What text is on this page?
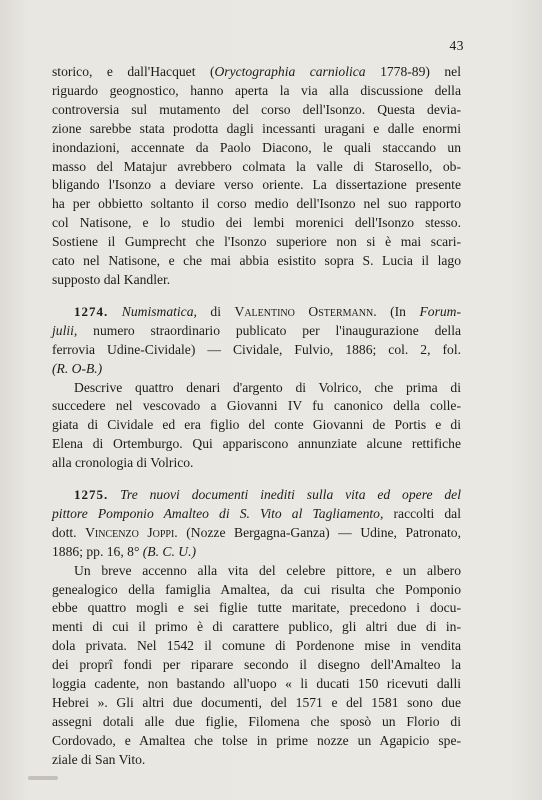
43

storico, e dall'Hacquet (Oryctographia carniolica 1778-89) nel
riguardo geognostico, hanno aperta la via alla discussione della
controversia sul mutamento del corso dell'Isonzo. Questa devia-
zione sarebbe stata prodotta dagli incessanti uragani e dalle enormi
inondazioni, accennate da Paolo Diacono, le quali staccando un
masso del Matajur avrebbero colmata la valle di Starosello, ob-
bligando l'Isonzo a deviare verso oriente. La dissertazione presente
ha per obbietto soltanto il corso medio dell'Isonzo nel suo rapporto
col Natisone, e lo studio dei lembi morenici dell'Isonzo stesso.
Sostiene il Gumprecht che l'Isonzo superiore non si è mai scari-
cato nel Natisone, e che mai abbia esistito sopra S. Lucia il lago
supposto dal Kandler.

1274. Numismatica, di Valentino Ostermann. (In Forum-
julii, numero straordinario publicato per l'inaugurazione della
ferrovia Udine-Cividale) — Cividale, Fulvio, 1886; col. 2, fol.
(R. O-B.)
Descrive quattro denari d'argento di Volrico, che prima di
succedere nel vescovado a Giovanni IV fu canonico della colle-
giata di Cividale ed era figlio del conte Giovanni de Portis e di
Elena di Ortemburgo. Qui appariscono annunziate alcune rettifiche
alla cronologia di Volrico.
1275. Tre nuovi documenti inediti sulla vita ed opere del
pittore Pomponio Amalteo di S. Vito al Tagliamento, raccolti dal
dott. Vincenzo Joppi. (Nozze Bergagna-Ganza) — Udine, Patronato,
1886; pp. 16, 8° (B. C. U.)
Un breve accenno alla vita del celebre pittore, e un albero
genealogico della famiglia Amaltea, da cui risulta che Pomponio
ebbe quattro mogli e sei figlie tutte maritate, precedono i docu-
menti di cui il primo è di carattere publico, gli altri due di in-
dola privata. Nel 1542 il comune di Pordenone mise in vendita
dei proprî fondi per riparare secondo il disegno dell'Amalteo la
loggia cadente, non bastando all'uopo « li ducati 150 ricevuti dalli
Hebrei ». Gli altri due documenti, del 1571 e del 1581 sono due
assegni dotali alle due figlie, Filomena che sposò un Florio di
Cordovado, e Amaltea che tolse in prime nozze un Agapicio spe-
ziale di San Vito.
